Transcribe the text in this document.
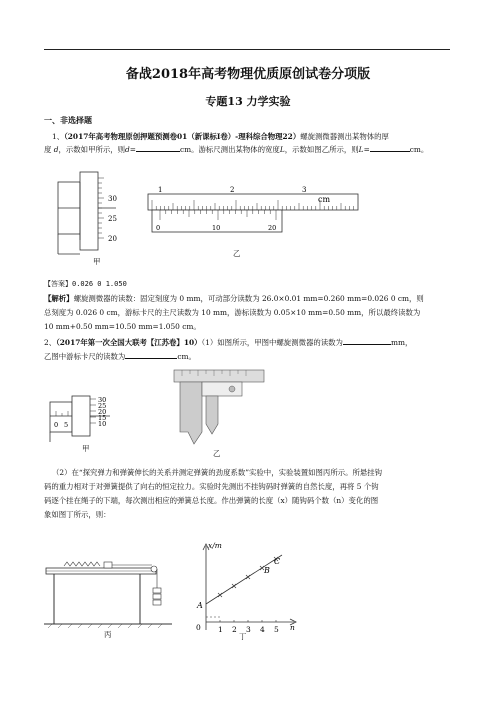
备战2018年高考物理优质原创试卷分项版
专题13 力学实验
一、非选择题
1、（2017年高考物理原创押题预测卷01（新课标Ⅰ卷）-理科综合物理22）螺旋测微器测出某物体的厚
度 d，示数如甲所示，则d=	cm。游标尺测出某物体的宽度L，示数如图乙所示，则L=	cm。
30
25
20
甲
1	2	3
cm
0	10	20
乙
【答案】0.026 0 1.050
【解析】螺旋测微器的读数：固定刻度为 0 mm，可动部分读数为 26.0×0.01 mm=0.260 mm=0.026 0 cm，则
总刻度为 0.026 0 cm，游标卡尺的主尺读数为 10 mm，游标读数为 0.05×10 mm=0.50 mm，所以最终读数为
10 mm+0.50 mm=10.50 mm=1.050 cm。
2、（2017年第一次全国大联考【江苏卷】10）（1）如图所示，甲图中螺旋测微器的读数为	mm，
乙图中游标卡尺的读数为	cm。
30
25
20
15
10
0 5
甲
乙
（2）在“探究弹力和弹簧伸长的关系并测定弹簧的劲度系数”实验中，实验装置如图丙所示。所悬挂钩
码的重力相对于对弹簧提供了向右的恒定拉力。实验时先测出不挂钩码时弹簧的自然长度，再将 5 个钩
码逐个挂在绳子的下端，每次测出相应的弹簧总长度。作出弹簧的长度（x）随钩码个数（n）变化的图
象如图丁所示，则：
丙
x/m
0	n
1 2 3 4 5
A
B
C
丁
